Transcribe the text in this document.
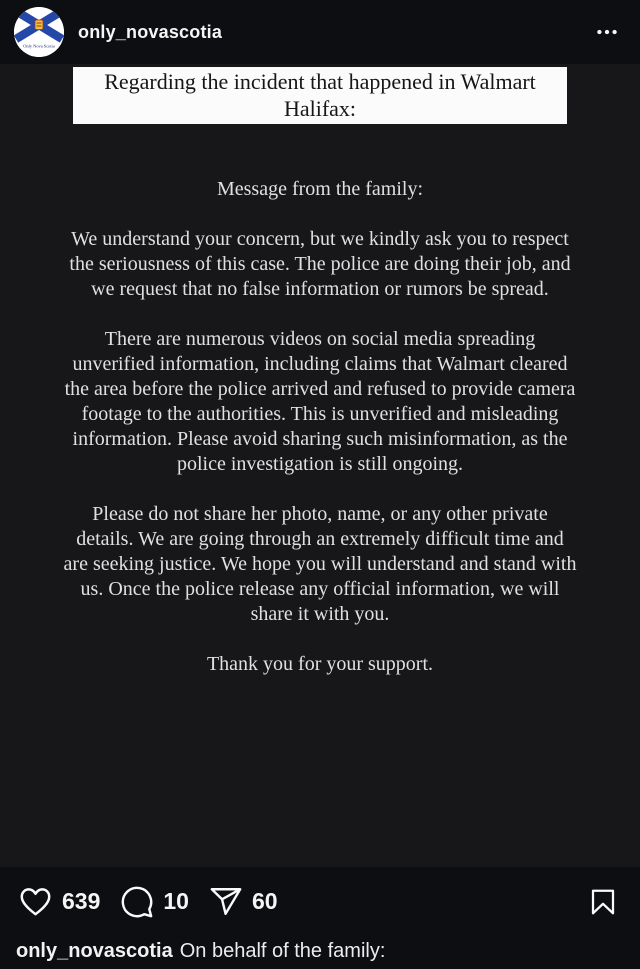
Only Nova Scotia
only_novascotia
Regarding the incident that happened in Walmart Halifax:

Message from the family:

We understand your concern, but we kindly ask you to respect the seriousness of this case. The police are doing their job, and we request that no false information or rumors be spread.

There are numerous videos on social media spreading unverified information, including claims that Walmart cleared the area before the police arrived and refused to provide camera footage to the authorities. This is unverified and misleading information. Please avoid sharing such misinformation, as the police investigation is still ongoing.

Please do not share her photo, name, or any other private details. We are going through an extremely difficult time and are seeking justice. We hope you will understand and stand with us. Once the police release any official information, we will share it with you.

Thank you for your support.

639	10	60
only_novascotia On behalf of the family:
